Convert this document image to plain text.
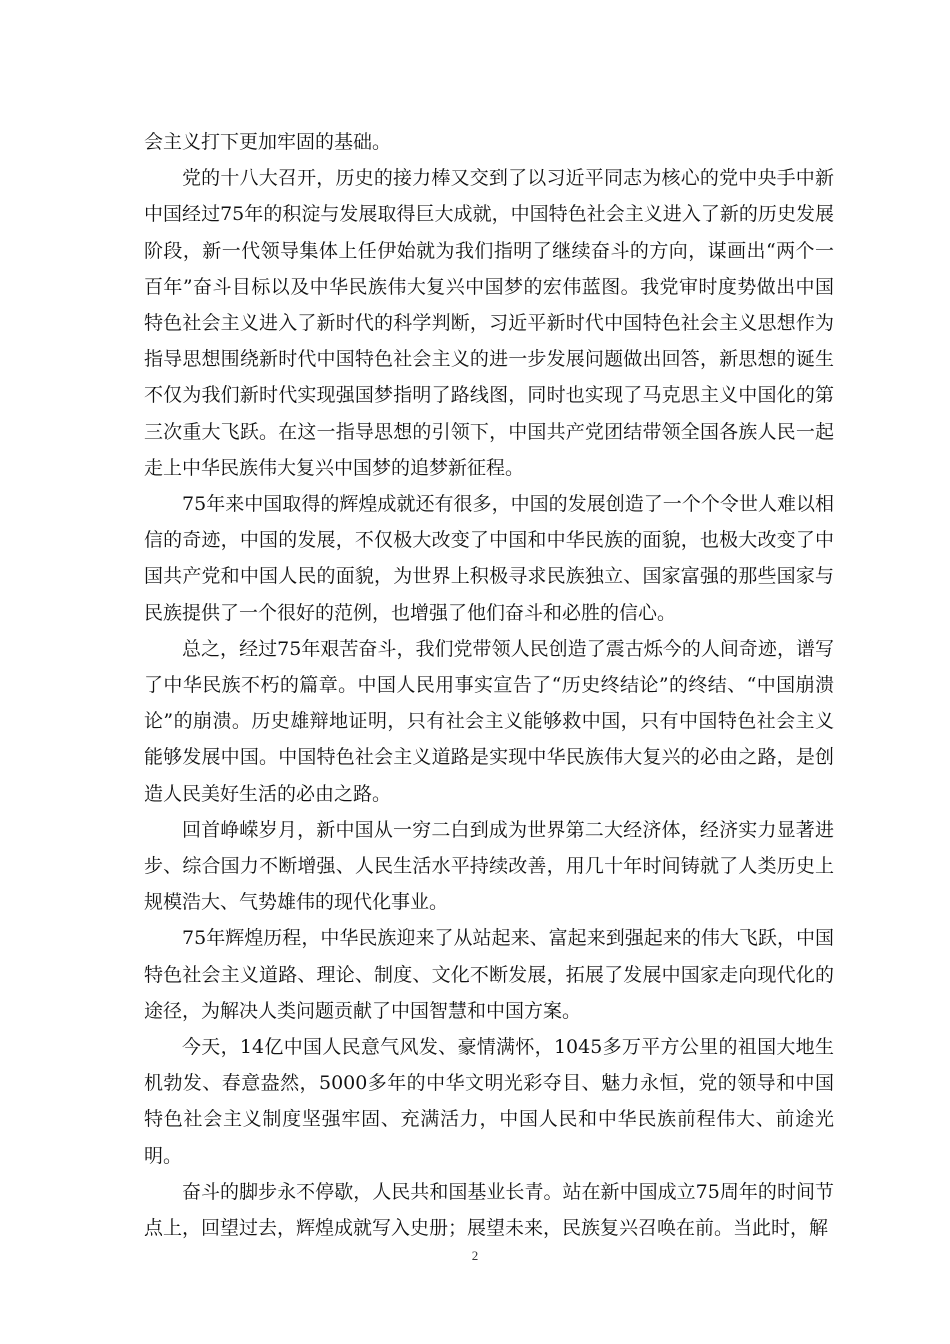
会主义打下更加牢固的基础。

党的十八大召开，历史的接力棒又交到了以习近平同志为核心的党中央手中新中国经过75年的积淀与发展取得巨大成就，中国特色社会主义进入了新的历史发展阶段，新一代领导集体上任伊始就为我们指明了继续奋斗的方向，谋画出“两个一百年”奋斗目标以及中华民族伟大复兴中国梦的宏伟蓝图。我党审时度势做出中国特色社会主义进入了新时代的科学判断，习近平新时代中国特色社会主义思想作为指导思想围绕新时代中国特色社会主义的进一步发展问题做出回答，新思想的诞生不仅为我们新时代实现强国梦指明了路线图，同时也实现了马克思主义中国化的第三次重大飞跃。在这一指导思想的引领下，中国共产党团结带领全国各族人民一起走上中华民族伟大复兴中国梦的追梦新征程。

75年来中国取得的辉煌成就还有很多，中国的发展创造了一个个令世人难以相信的奇迹，中国的发展，不仅极大改变了中国和中华民族的面貌，也极大改变了中国共产党和中国人民的面貌，为世界上积极寻求民族独立、国家富强的那些国家与民族提供了一个很好的范例，也增强了他们奋斗和必胜的信心。

总之，经过75年艰苦奋斗，我们党带领人民创造了震古烁今的人间奇迹，谱写了中华民族不朽的篇章。中国人民用事实宣告了“历史终结论”的终结、“中国崩溃论”的崩溃。历史雄辩地证明，只有社会主义能够救中国，只有中国特色社会主义能够发展中国。中国特色社会主义道路是实现中华民族伟大复兴的必由之路，是创造人民美好生活的必由之路。

回首峥嵘岁月，新中国从一穷二白到成为世界第二大经济体，经济实力显著进步、综合国力不断增强、人民生活水平持续改善，用几十年时间铸就了人类历史上规模浩大、气势雄伟的现代化事业。

75年辉煌历程，中华民族迎来了从站起来、富起来到强起来的伟大飞跃，中国特色社会主义道路、理论、制度、文化不断发展，拓展了发展中国家走向现代化的途径，为解决人类问题贡献了中国智慧和中国方案。

今天，14亿中国人民意气风发、豪情满怀，1045多万平方公里的祖国大地生机勃发、春意盎然，5000多年的中华文明光彩夺目、魅力永恒，党的领导和中国特色社会主义制度坚强牢固、充满活力，中国人民和中华民族前程伟大、前途光明。

奋斗的脚步永不停歇，人民共和国基业长青。站在新中国成立75周年的时间节点上，回望过去，辉煌成就写入史册；展望未来，民族复兴召唤在前。当此时，解

2
